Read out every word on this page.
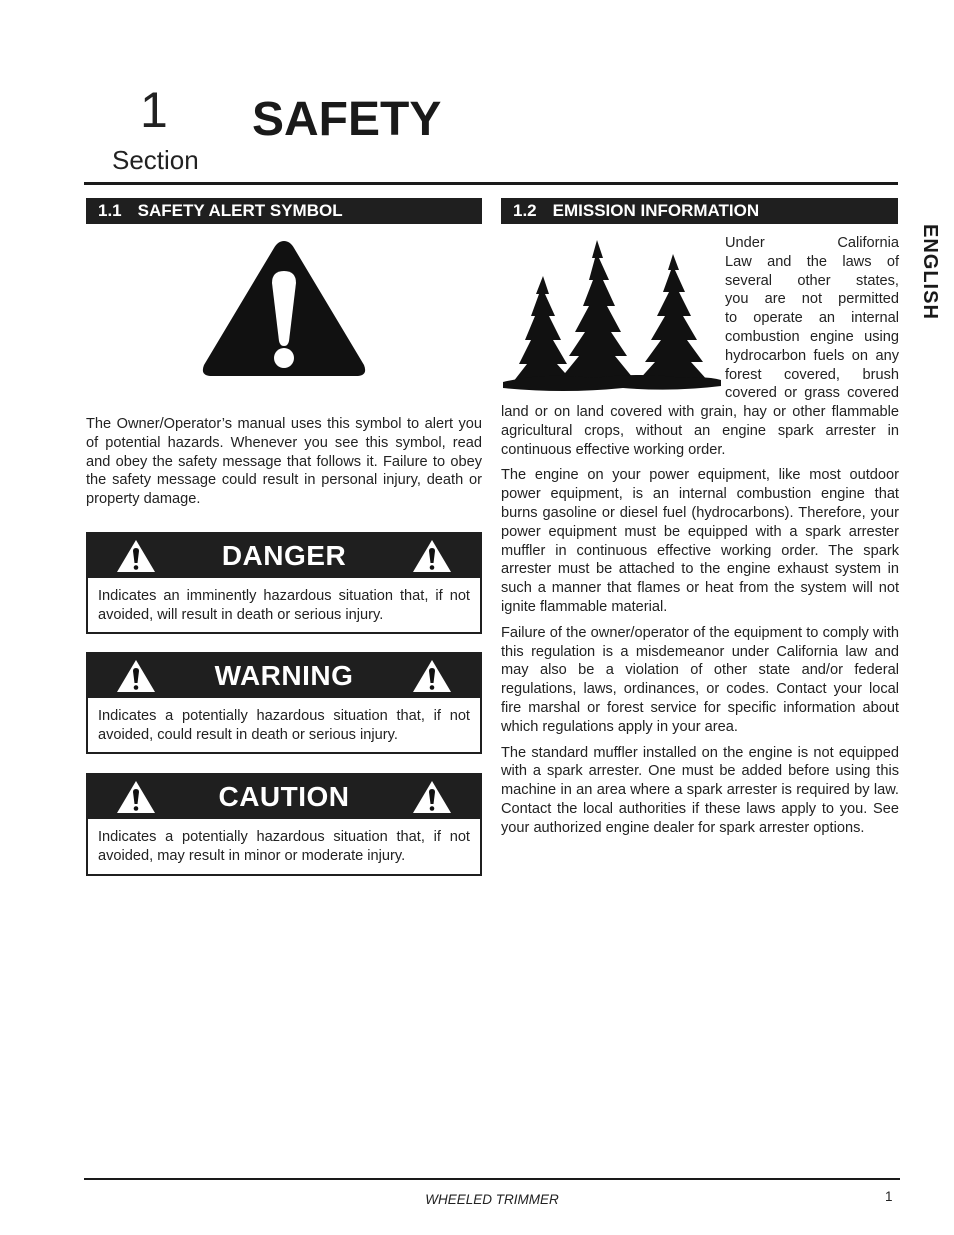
1
Section
SAFETY
ENGLISH
1.1 SAFETY ALERT SYMBOL

The Owner/Operator’s manual uses this symbol to alert you of potential hazards. Whenever you see this symbol, read and obey the safety message that follows it. Failure to obey the safety message could result in personal injury, death or property damage.

DANGER
Indicates an imminently hazardous situation that, if not avoided, will result in death or serious injury.
WARNING
Indicates a potentially hazardous situation that, if not avoided, could result in death or serious injury.
CAUTION
Indicates a potentially hazardous situation that, if not avoided, may result in minor or moderate injury.
1.2 EMISSION INFORMATION
Under California
Law and the laws of
several other states,
you are not permitted
to operate an internal
combustion engine using
hydrocarbon fuels on any
forest covered, brush
covered or grass covered

land or on land covered with grain, hay or other flammable agricultural crops, without an engine spark arrester in continuous effective working order.

The engine on your power equipment, like most outdoor power equipment, is an internal combustion engine that burns gasoline or diesel fuel (hydrocarbons). Therefore, your power equipment must be equipped with a spark arrester muffler in continuous effective working order. The spark arrester must be attached to the engine exhaust system in such a manner that flames or heat from the system will not ignite flammable material.

Failure of the owner/operator of the equipment to comply with this regulation is a misdemeanor under California law and may also be a violation of other state and/or federal regulations, laws, ordinances, or codes. Contact your local fire marshal or forest service for specific information about which regulations apply in your area.

The standard muffler installed on the engine is not equipped with a spark arrester. One must be added before using this machine in an area where a spark arrester is required by law. Contact the local authorities if these laws apply to you. See your authorized engine dealer for spark arrester options.

WHEELED TRIMMER	1
